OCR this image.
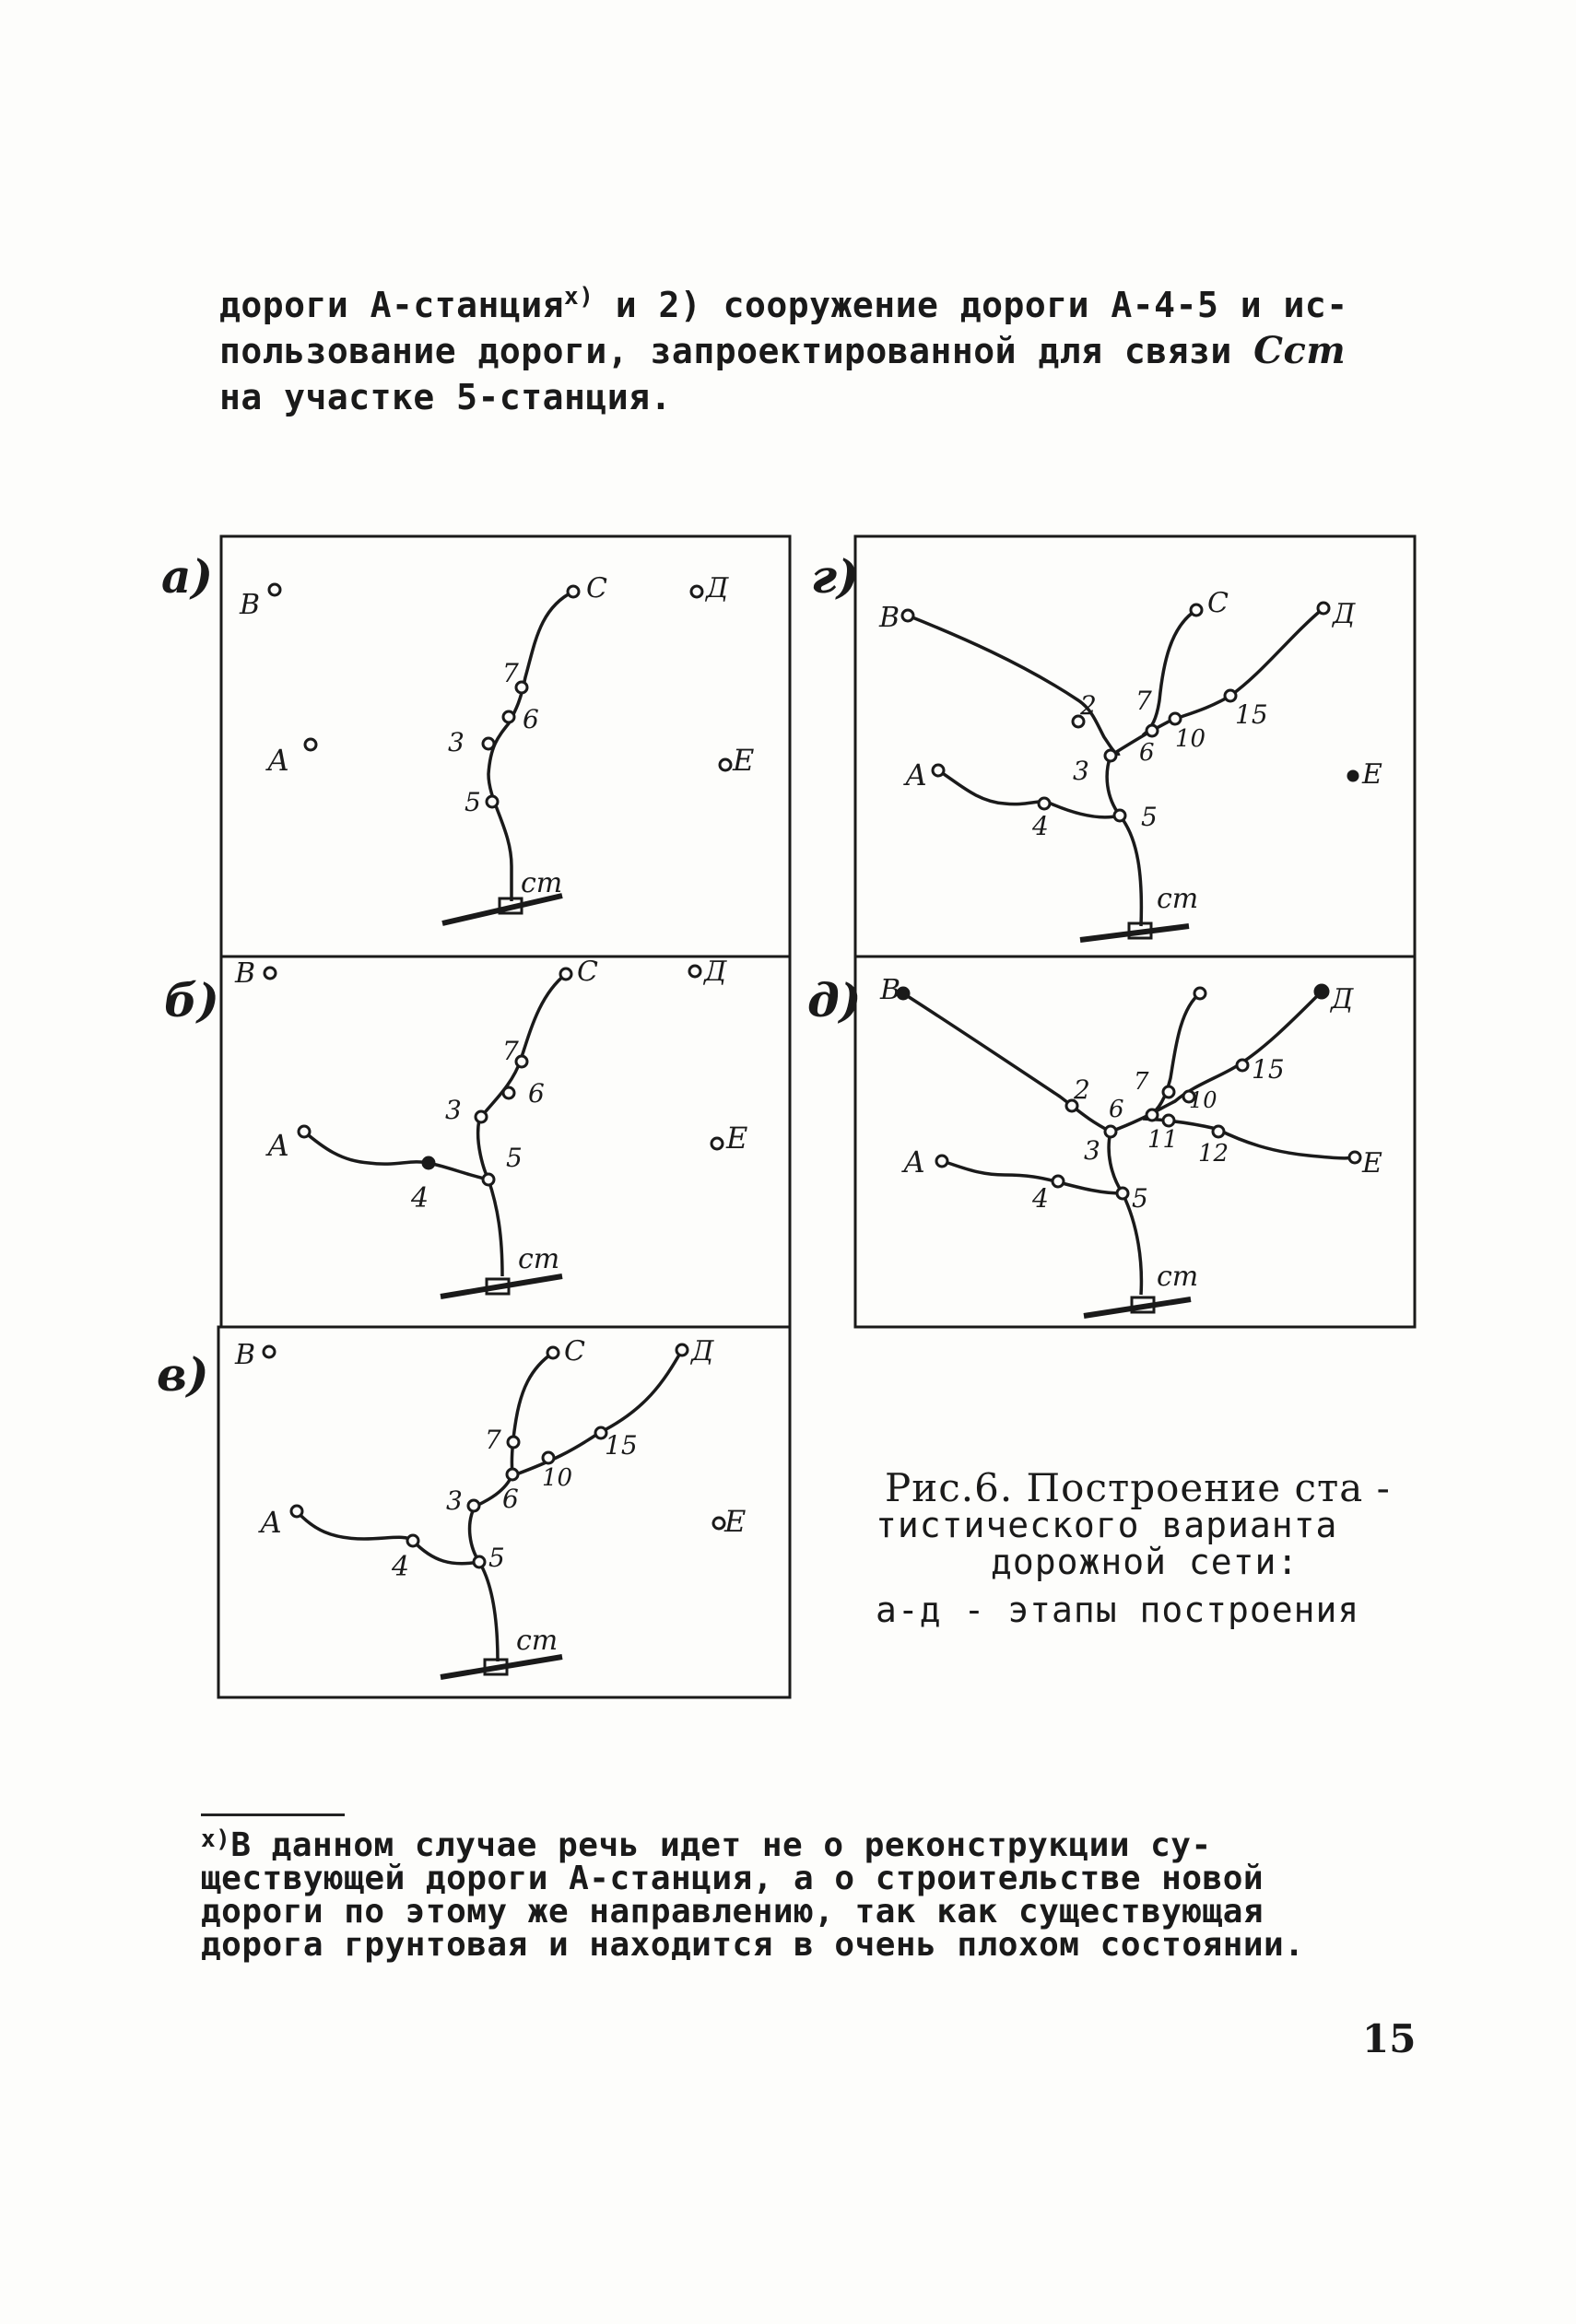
дороги А-станция$^{x)}$ и 2) сооружение дороги А-4-5 и ис-
пользование дороги, запроектированной для связи Сст
на участке 5-станция.
а)
б)
в)
г)
д)
В
С	Д
А	Е
7
6
3
5
ст
В	С	Д
А	Е
7
6
3
5
4
ст
В	С	Д
А	Е
7
6
3
5
4
10
15
ст
В	С	Д
А	Е
2 7
6 10
15
3
4	5
ст
В	Д
А	Е
2 7
6	10
3 11 12
15
4	5
ст
Рис.6. Построение ста -
тистического варианта
дорожной сети:
а-д - этапы построения
$^{x)}$В данном случае речь идет не о реконструкции су-
ществующей дороги А-станция, а о строительстве новой
дороги по этому же направлению, так как существующая
дорога грунтовая и находится в очень плохом состоянии.
15
